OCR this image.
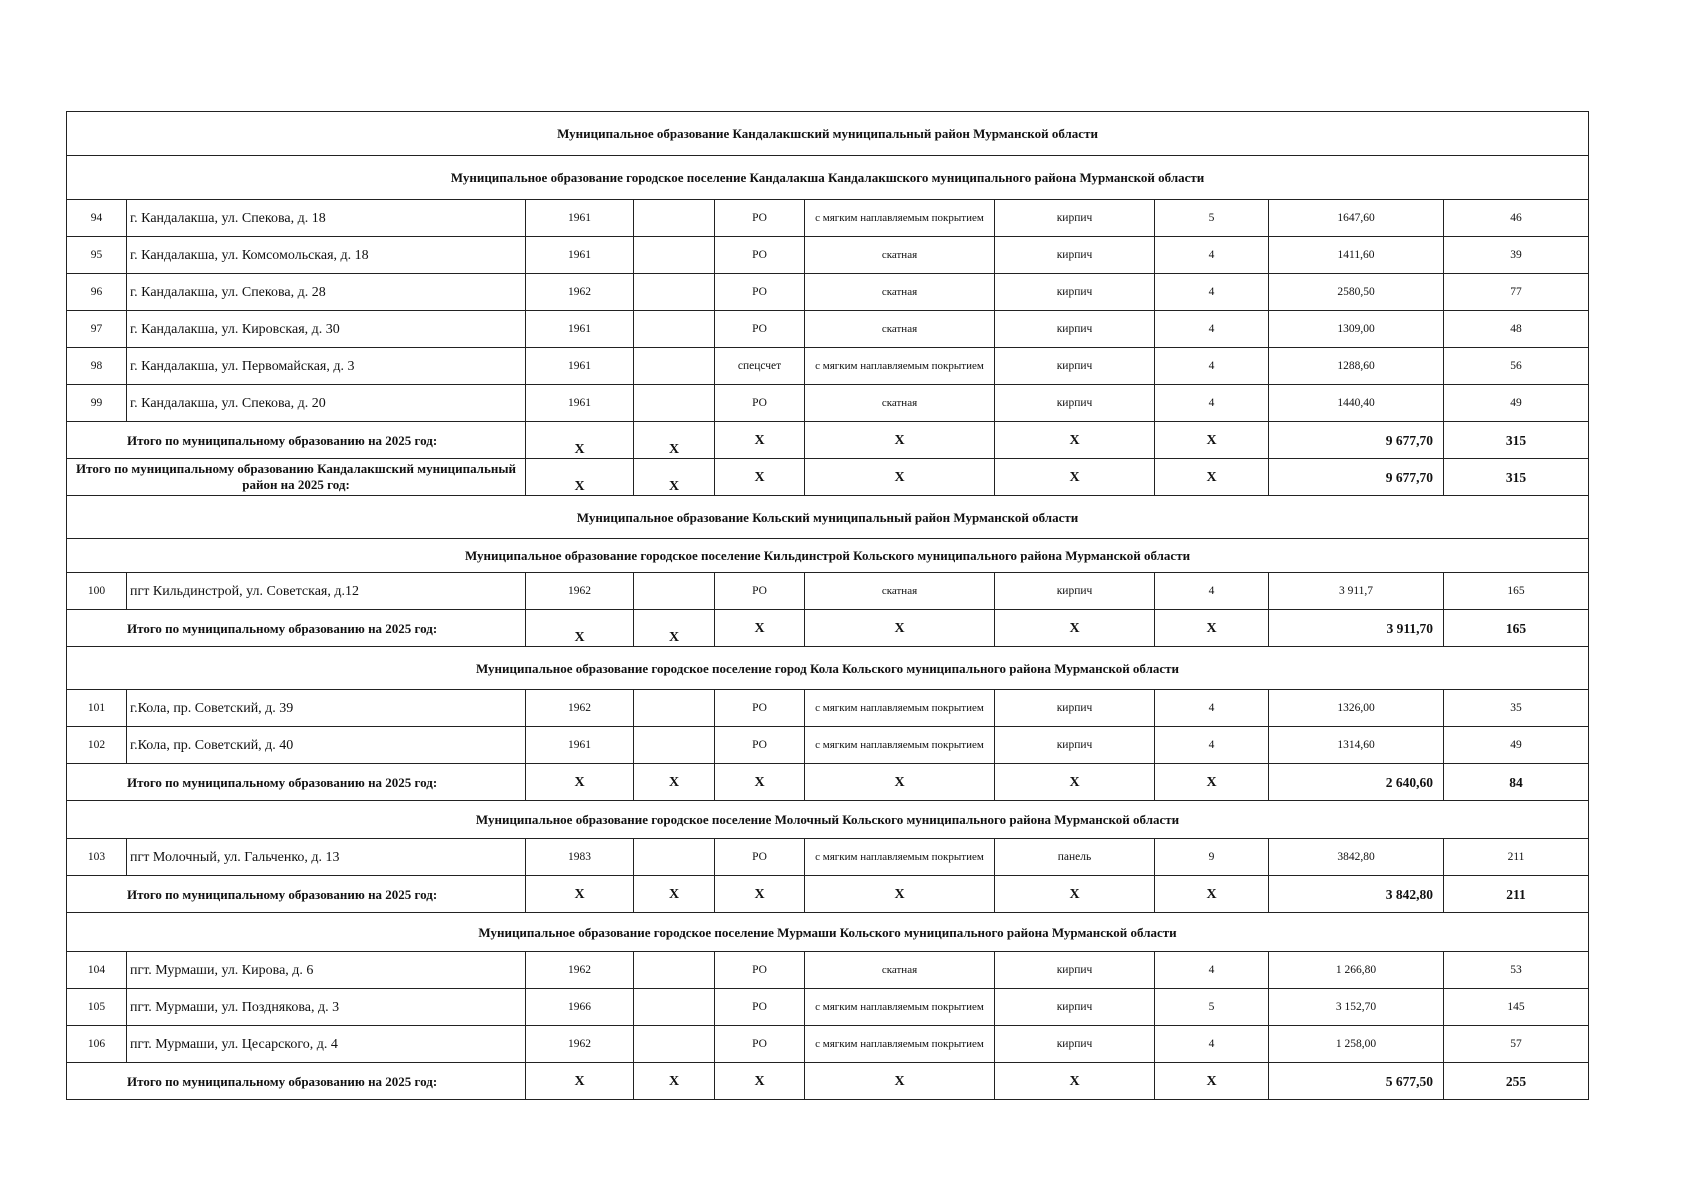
Муниципальное образование Кандалакшский муниципальный район Мурманской области									
Муниципальное образование городское поселение Кандалакша Кандалакшского муниципального района Мурманской области									
94	г. Кандалакша, ул. Спекова, д. 18	1961		РО	с мягким наплавляемым покрытием	кирпич	5	1647,60	46
95	г. Кандалакша, ул. Комсомольская, д. 18	1961		РО	скатная	кирпич	4	1411,60	39
96	г. Кандалакша, ул. Спекова, д. 28	1962		РО	скатная	кирпич	4	2580,50	77
97	г. Кандалакша, ул. Кировская, д. 30	1961		РО	скатная	кирпич	4	1309,00	48
98	г. Кандалакша, ул. Первомайская, д. 3	1961		спецсчет	с мягким наплавляемым покрытием	кирпич	4	1288,60	56
99	г. Кандалакша, ул. Спекова, д. 20	1961		РО	скатная	кирпич	4	1440,40	49
Итого по муниципальному образованию на 2025 год:		X	X	X	X	X	X	9 677,70	315
Итого по муниципальному образованию Кандалакшский муниципальный район на 2025 год:		X	X	X	X	X	X	9 677,70	315
Муниципальное образование Кольский муниципальный район Мурманской области									
Муниципальное образование городское поселение Кильдинстрой Кольского муниципального района Мурманской области									
100	пгт Кильдинстрой, ул. Советская, д.12	1962		РО	скатная	кирпич	4	3 911,7	165
Итого по муниципальному образованию на 2025 год:		X	X	X	X	X	X	3 911,70	165
Муниципальное образование городское поселение город Кола Кольского муниципального района Мурманской области									
101	г.Кола, пр. Советский, д. 39	1962		РО	с мягким наплавляемым покрытием	кирпич	4	1326,00	35
102	г.Кола, пр. Советский, д. 40	1961		РО	с мягким наплавляемым покрытием	кирпич	4	1314,60	49
Итого по муниципальному образованию на 2025 год:		X	X	X	X	X	X	2 640,60	84
Муниципальное образование городское поселение Молочный Кольского муниципального района Мурманской области									
103	пгт Молочный, ул. Гальченко, д. 13	1983		РО	с мягким наплавляемым покрытием	панель	9	3842,80	211
Итого по муниципальному образованию на 2025 год:		X	X	X	X	X	X	3 842,80	211
Муниципальное образование городское поселение Мурмаши Кольского муниципального района Мурманской области									
104	пгт. Мурмаши, ул. Кирова, д. 6	1962		РО	скатная	кирпич	4	1 266,80	53
105	пгт. Мурмаши, ул. Позднякова, д. 3	1966		РО	с мягким наплавляемым покрытием	кирпич	5	3 152,70	145
106	пгт. Мурмаши, ул. Цесарского, д. 4	1962		РО	с мягким наплавляемым покрытием	кирпич	4	1 258,00	57
Итого по муниципальному образованию на 2025 год:		X	X	X	X	X	X	5 677,50	255
